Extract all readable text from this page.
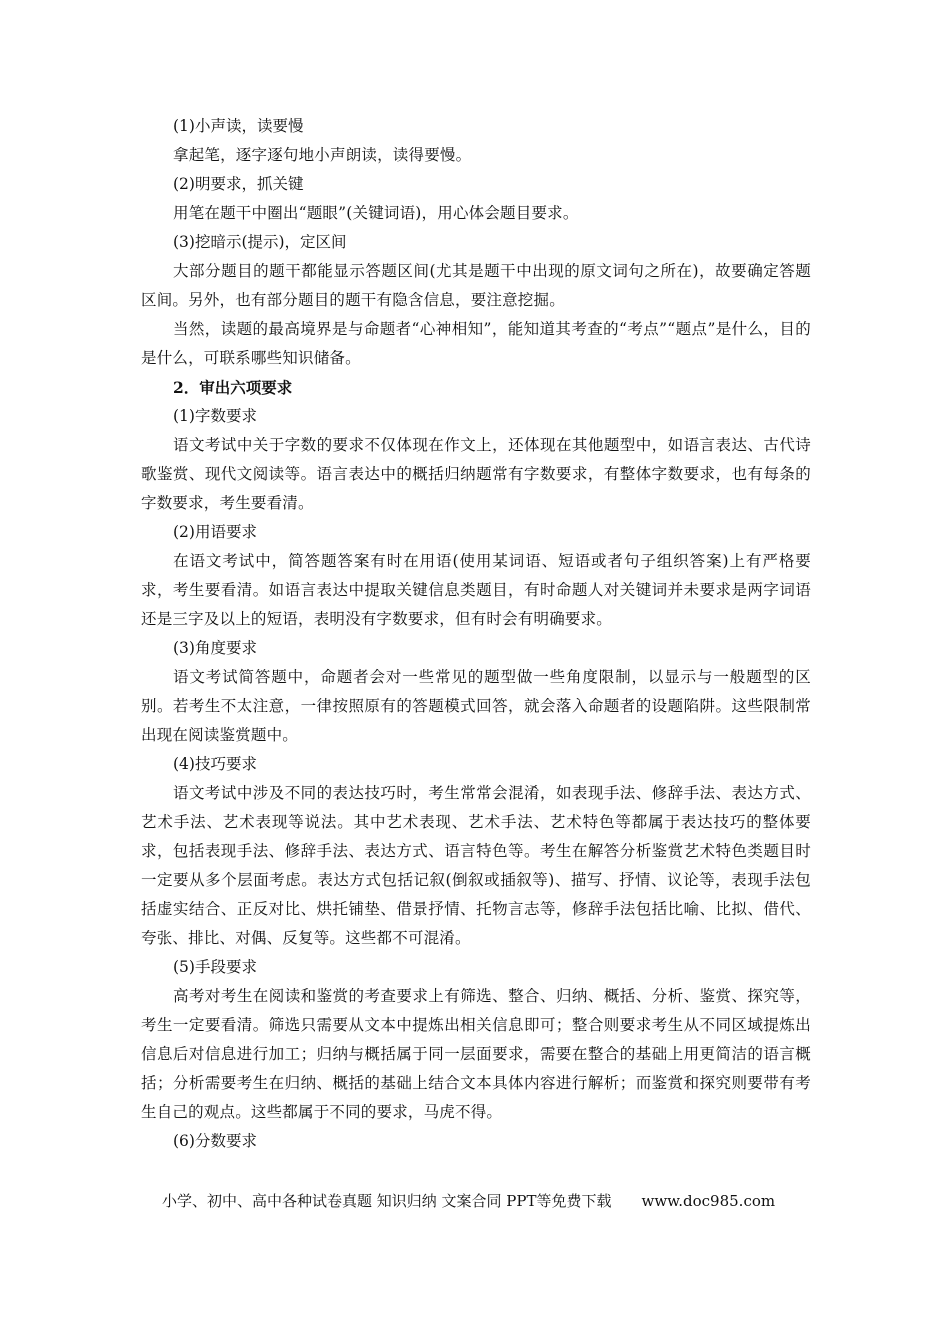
(1)小声读，读要慢

拿起笔，逐字逐句地小声朗读，读得要慢。

(2)明要求，抓关键

用笔在题干中圈出“题眼”(关键词语)，用心体会题目要求。

(3)挖暗示(提示)，定区间

大部分题目的题干都能显示答题区间(尤其是题干中出现的原文词句之所在)，故要确定答题区间。另外，也有部分题目的题干有隐含信息，要注意挖掘。

当然，读题的最高境界是与命题者“心神相知”，能知道其考查的“考点”“题点”是什么，目的是什么，可联系哪些知识储备。

2．审出六项要求

(1)字数要求

语文考试中关于字数的要求不仅体现在作文上，还体现在其他题型中，如语言表达、古代诗歌鉴赏、现代文阅读等。语言表达中的概括归纳题常有字数要求，有整体字数要求，也有每条的字数要求，考生要看清。

(2)用语要求

在语文考试中，简答题答案有时在用语(使用某词语、短语或者句子组织答案)上有严格要求，考生要看清。如语言表达中提取关键信息类题目，有时命题人对关键词并未要求是两字词语还是三字及以上的短语，表明没有字数要求，但有时会有明确要求。

(3)角度要求

语文考试简答题中，命题者会对一些常见的题型做一些角度限制，以显示与一般题型的区别。若考生不太注意，一律按照原有的答题模式回答，就会落入命题者的设题陷阱。这些限制常出现在阅读鉴赏题中。

(4)技巧要求

语文考试中涉及不同的表达技巧时，考生常常会混淆，如表现手法、修辞手法、表达方式、艺术手法、艺术表现等说法。其中艺术表现、艺术手法、艺术特色等都属于表达技巧的整体要求，包括表现手法、修辞手法、表达方式、语言特色等。考生在解答分析鉴赏艺术特色类题目时一定要从多个层面考虑。表达方式包括记叙(倒叙或插叙等)、描写、抒情、议论等，表现手法包括虚实结合、正反对比、烘托铺垫、借景抒情、托物言志等，修辞手法包括比喻、比拟、借代、夸张、排比、对偶、反复等。这些都不可混淆。

(5)手段要求

高考对考生在阅读和鉴赏的考查要求上有筛选、整合、归纳、概括、分析、鉴赏、探究等，考生一定要看清。筛选只需要从文本中提炼出相关信息即可；整合则要求考生从不同区域提炼出信息后对信息进行加工；归纳与概括属于同一层面要求，需要在整合的基础上用更简洁的语言概括；分析需要考生在归纳、概括的基础上结合文本具体内容进行解析；而鉴赏和探究则要带有考生自己的观点。这些都属于不同的要求，马虎不得。

(6)分数要求

小学、初中、高中各种试卷真题 知识归纳 文案合同 PPT等免费下载 www.doc985.com
